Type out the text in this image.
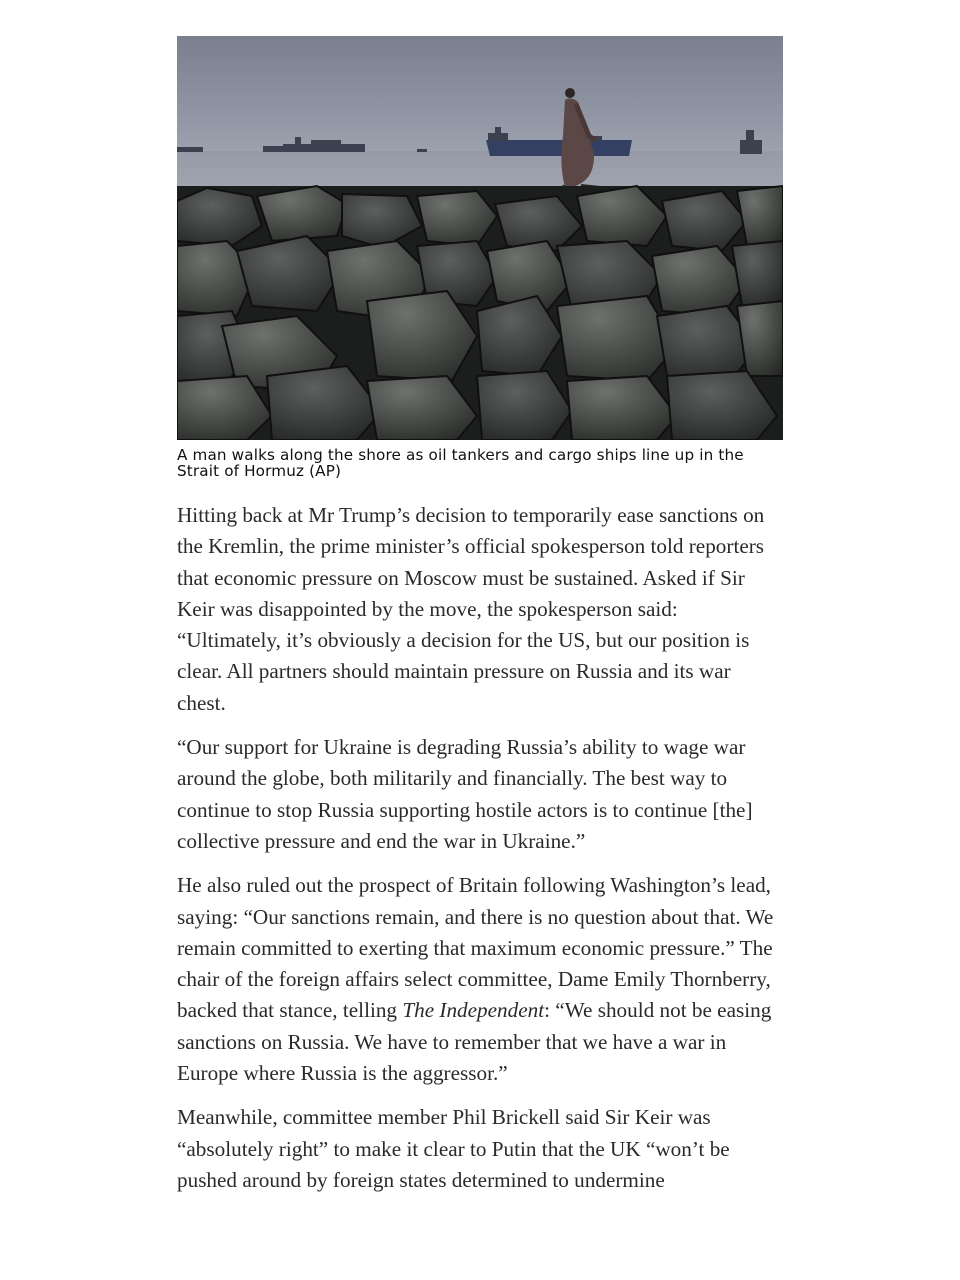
A man walks along the shore as oil tankers and cargo ships line up in the Strait of Hormuz (AP)

Hitting back at Mr Trump’s decision to temporarily ease sanctions on the Kremlin, the prime minister’s official spokesperson told reporters that economic pressure on Moscow must be sustained. Asked if Sir Keir was disappointed by the move, the spokesperson said: “Ultimately, it’s obviously a decision for the US, but our position is clear. All partners should maintain pressure on Russia and its war chest.

“Our support for Ukraine is degrading Russia’s ability to wage war around the globe, both militarily and financially. The best way to continue to stop Russia supporting hostile actors is to continue [the] collective pressure and end the war in Ukraine.”

He also ruled out the prospect of Britain following Washington’s lead, saying: “Our sanctions remain, and there is no question about that. We remain committed to exerting that maximum economic pressure.” The chair of the foreign affairs select committee, Dame Emily Thornberry, backed that stance, telling The Independent: “We should not be easing sanctions on Russia. We have to remember that we have a war in Europe where Russia is the aggressor.”

Meanwhile, committee member Phil Brickell said Sir Keir was “absolutely right” to make it clear to Putin that the UK “won’t be pushed around by foreign states determined to undermine
